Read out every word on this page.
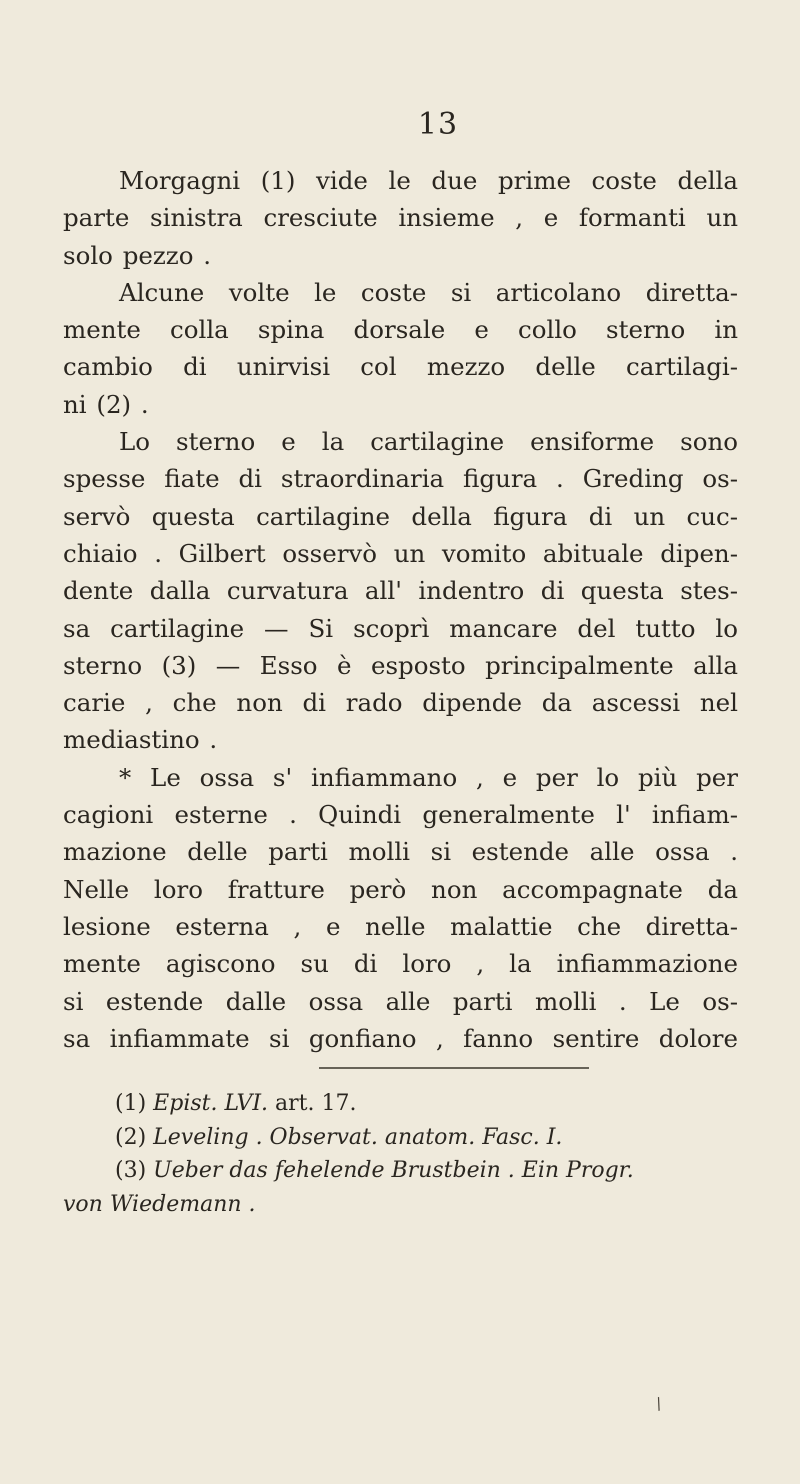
13
Morgagni (1) vide le due prime coste della
parte sinistra cresciute insieme , e formanti un
solo pezzo .
Alcune volte le coste si articolano diretta-
mente colla spina dorsale e collo sterno in
cambio di unirvisi col mezzo delle cartilagi-
ni (2) .
Lo sterno e la cartilagine ensiforme sono
spesse fiate di straordinaria figura . Greding os-
servò questa cartilagine della figura di un cuc-
chiaio . Gilbert osservò un vomito abituale dipen-
dente dalla curvatura all' indentro di questa stes-
sa cartilagine — Si scoprì mancare del tutto lo
sterno (3) — Esso è esposto principalmente alla
carie , che non di rado dipende da ascessi nel
mediastino .
* Le ossa s' infiammano , e per lo più per
cagioni esterne . Quindi generalmente l' infiam-
mazione delle parti molli si estende alle ossa .
Nelle loro fratture però non accompagnate da
lesione esterna , e nelle malattie che diretta-
mente agiscono su di loro , la infiammazione
si estende dalle ossa alle parti molli . Le os-
sa infiammate si gonfiano , fanno sentire dolore
(1) Epist. LVI. art. 17.
(2) Leveling . Observat. anatom. Fasc. I.
(3) Ueber das fehelende Brustbein . Ein Progr.
von Wiedemann .
/
